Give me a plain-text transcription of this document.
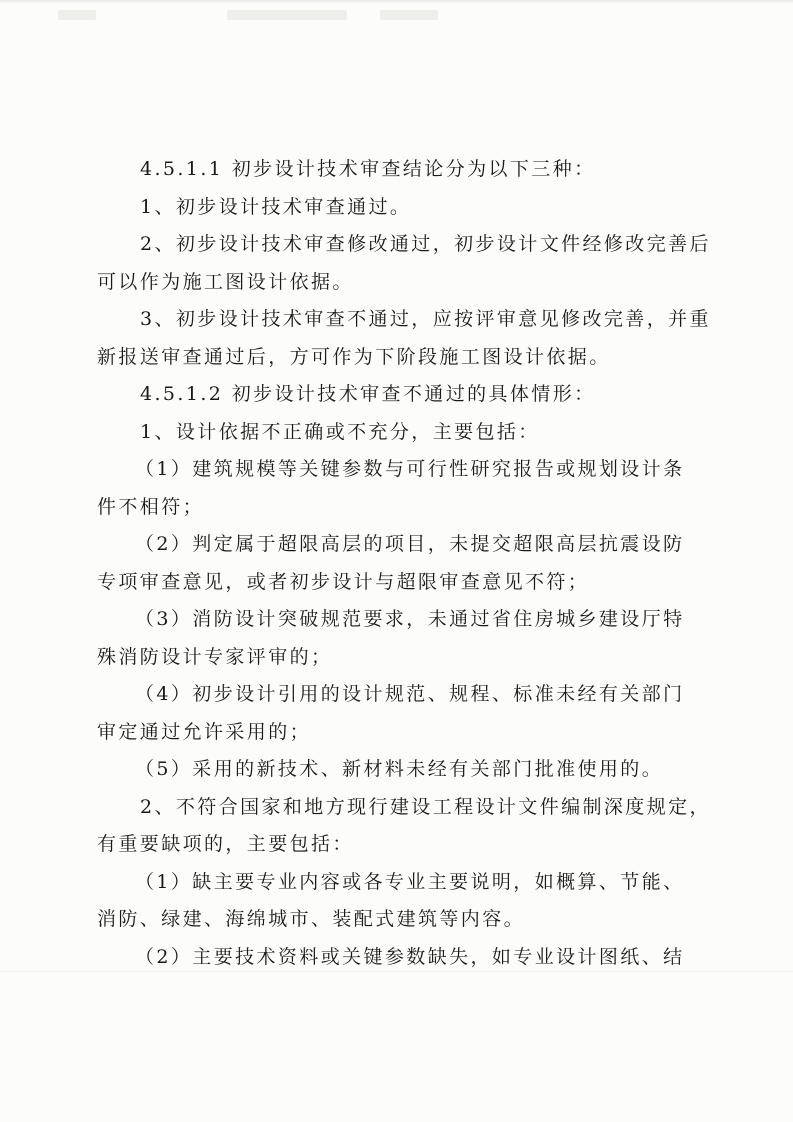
4.5.1.1 初步设计技术审查结论分为以下三种：

1、初步设计技术审查通过。

2、初步设计技术审查修改通过，初步设计文件经修改完善后

可以作为施工图设计依据。

3、初步设计技术审查不通过，应按评审意见修改完善，并重

新报送审查通过后，方可作为下阶段施工图设计依据。

4.5.1.2 初步设计技术审查不通过的具体情形：

1、设计依据不正确或不充分，主要包括：

（1）建筑规模等关键参数与可行性研究报告或规划设计条

件不相符；

（2）判定属于超限高层的项目，未提交超限高层抗震设防

专项审查意见，或者初步设计与超限审查意见不符；

（3）消防设计突破规范要求，未通过省住房城乡建设厅特

殊消防设计专家评审的；

（4）初步设计引用的设计规范、规程、标准未经有关部门

审定通过允许采用的；

（5）采用的新技术、新材料未经有关部门批准使用的。

2、不符合国家和地方现行建设工程设计文件编制深度规定，

有重要缺项的，主要包括：

（1）缺主要专业内容或各专业主要说明，如概算、节能、

消防、绿建、海绵城市、装配式建筑等内容。

（2）主要技术资料或关键参数缺失，如专业设计图纸、结
